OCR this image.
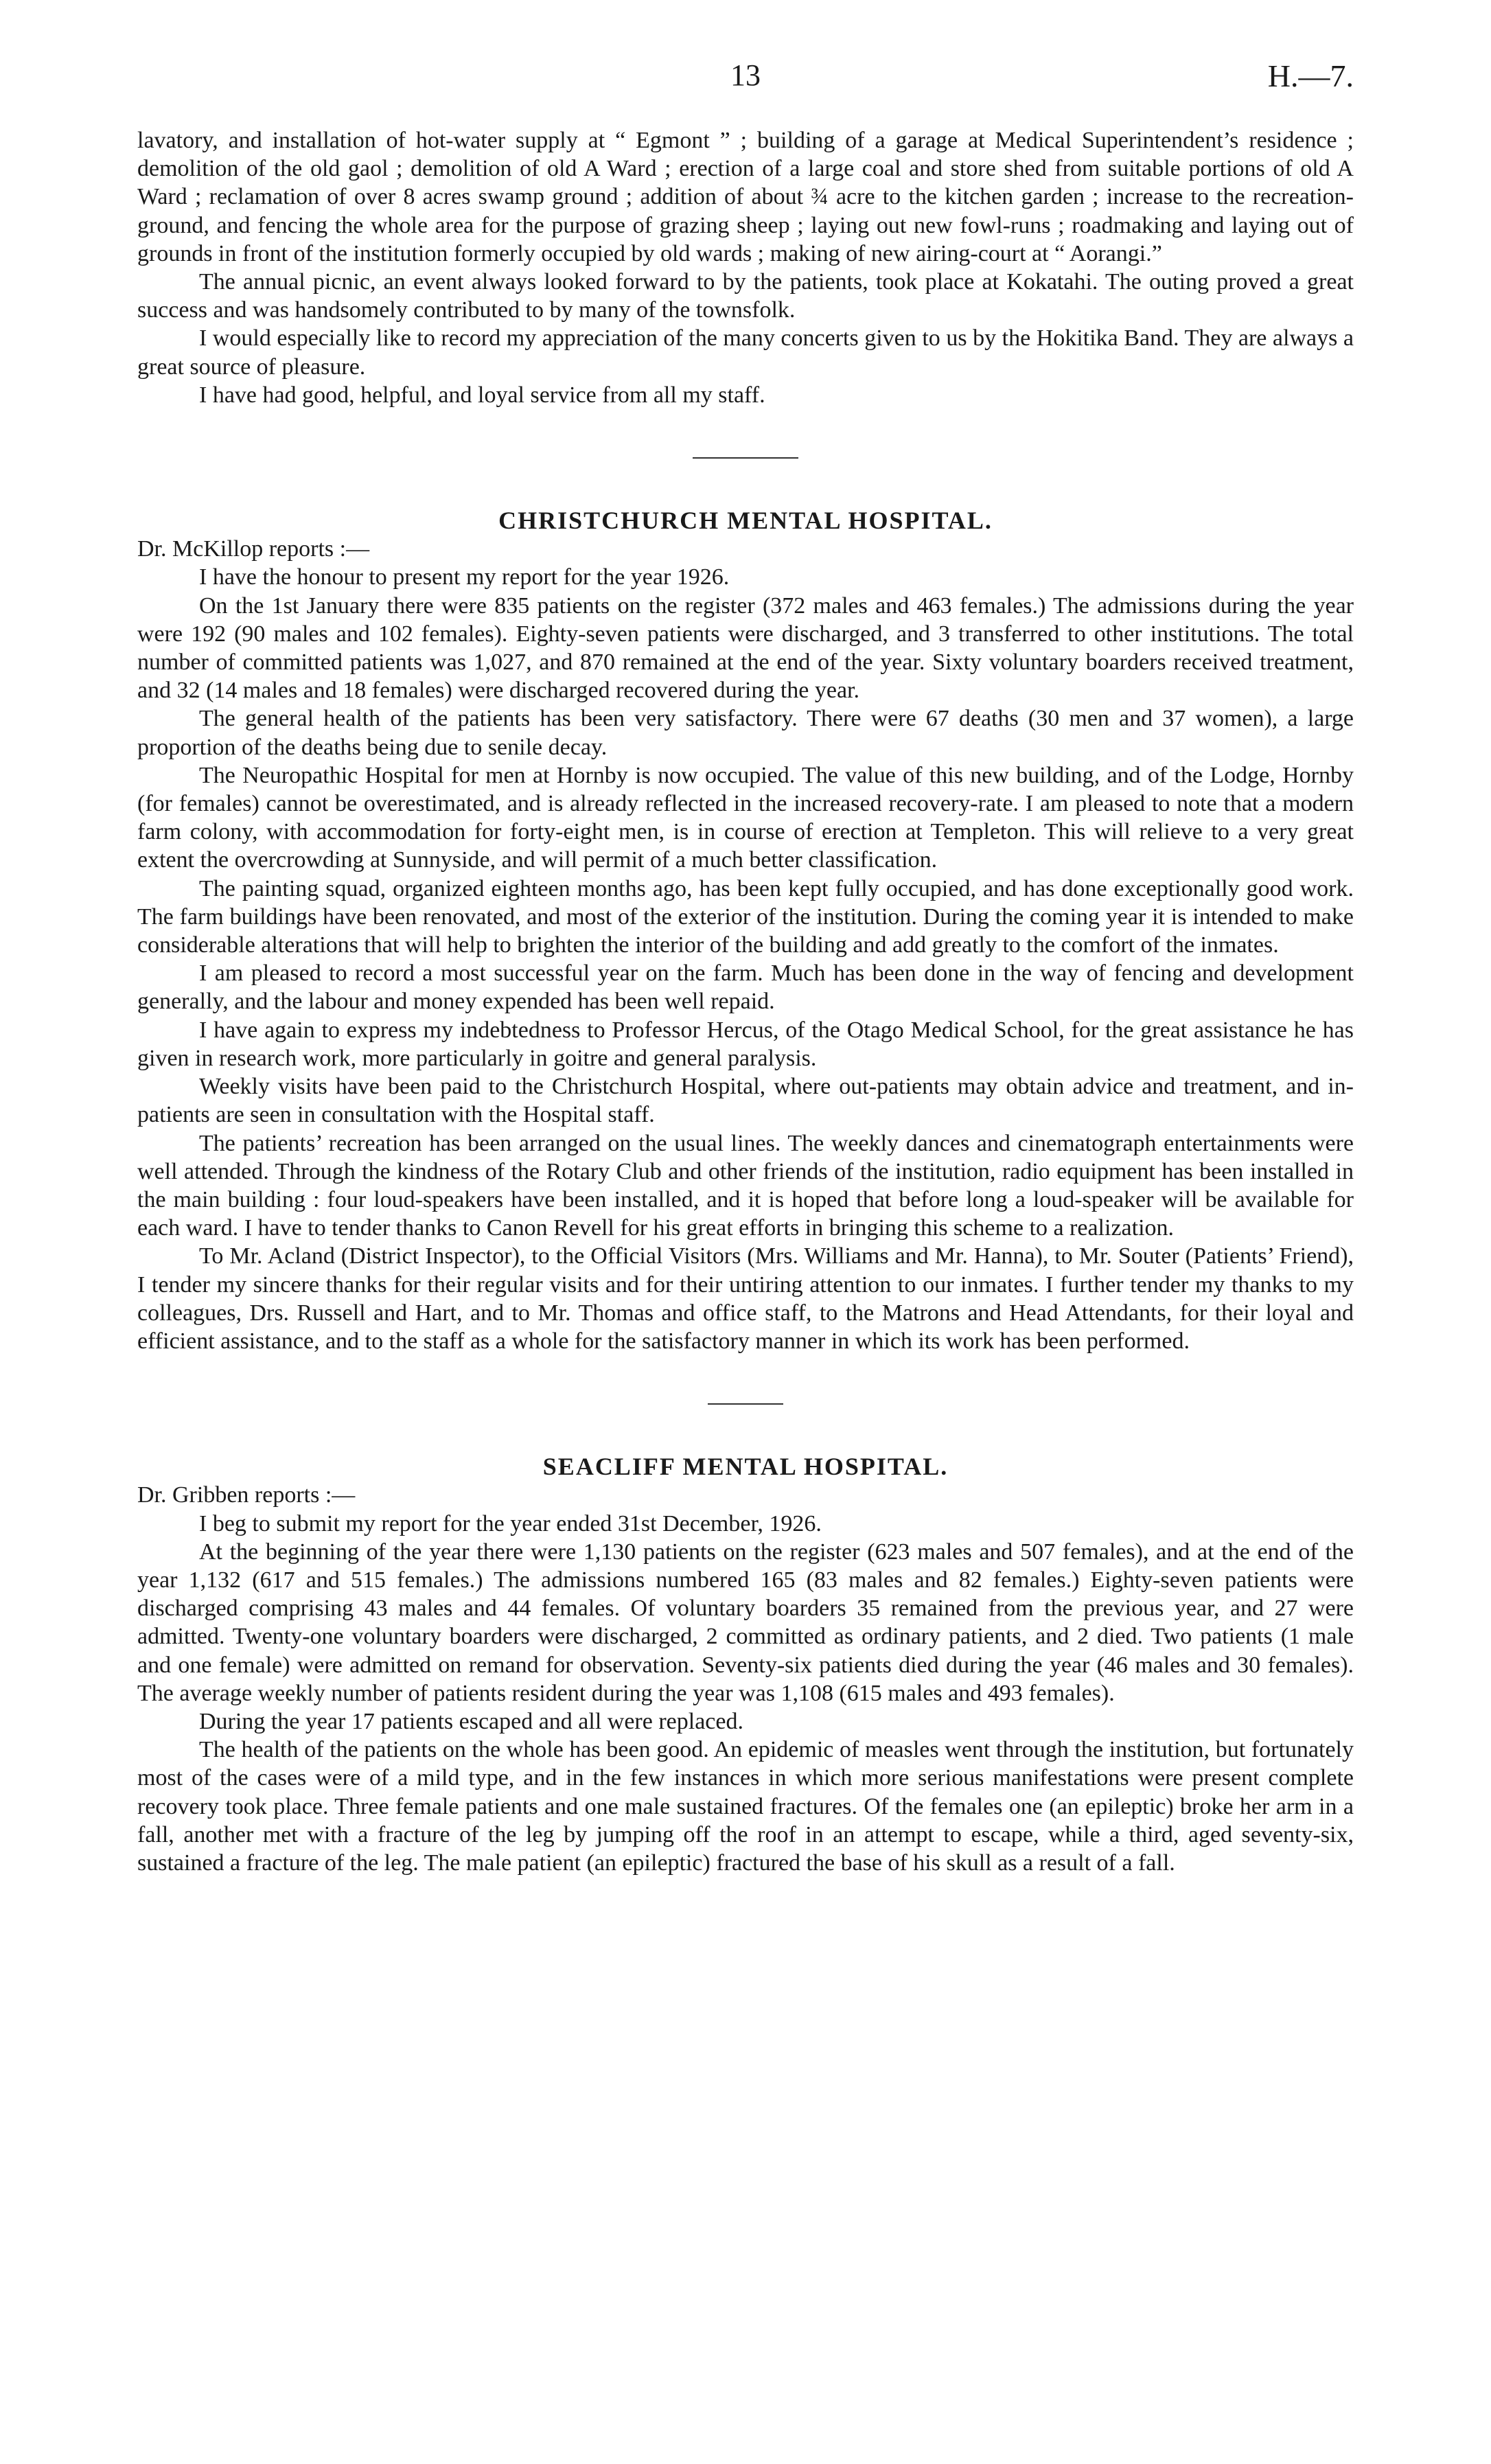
13	H.—7.

lavatory, and installation of hot-water supply at “ Egmont ” ; building of a garage at Medical Superintendent’s residence ; demolition of the old gaol ; demolition of old A Ward ; erection of a large coal and store shed from suitable portions of old A Ward ; reclamation of over 8 acres swamp ground ; addition of about ¾ acre to the kitchen garden ; increase to the recreation-ground, and fencing the whole area for the purpose of grazing sheep ; laying out new fowl-runs ; roadmaking and laying out of grounds in front of the institution formerly occupied by old wards ; making of new airing-court at “ Aorangi.”

The annual picnic, an event always looked forward to by the patients, took place at Kokatahi. The outing proved a great success and was handsomely contributed to by many of the townsfolk.

I would especially like to record my appreciation of the many concerts given to us by the Hokitika Band. They are always a great source of pleasure.

I have had good, helpful, and loyal service from all my staff.

CHRISTCHURCH MENTAL HOSPITAL.

Dr. McKillop reports :—

I have the honour to present my report for the year 1926.

On the 1st January there were 835 patients on the register (372 males and 463 females.) The admissions during the year were 192 (90 males and 102 females). Eighty-seven patients were discharged, and 3 transferred to other institutions. The total number of committed patients was 1,027, and 870 remained at the end of the year. Sixty voluntary boarders received treatment, and 32 (14 males and 18 females) were discharged recovered during the year.

The general health of the patients has been very satisfactory. There were 67 deaths (30 men and 37 women), a large proportion of the deaths being due to senile decay.

The Neuropathic Hospital for men at Hornby is now occupied. The value of this new building, and of the Lodge, Hornby (for females) cannot be overestimated, and is already reflected in the increased recovery-rate. I am pleased to note that a modern farm colony, with accommodation for forty-eight men, is in course of erection at Templeton. This will relieve to a very great extent the overcrowding at Sunnyside, and will permit of a much better classification.

The painting squad, organized eighteen months ago, has been kept fully occupied, and has done exceptionally good work. The farm buildings have been renovated, and most of the exterior of the institution. During the coming year it is intended to make considerable alterations that will help to brighten the interior of the building and add greatly to the comfort of the inmates.

I am pleased to record a most successful year on the farm. Much has been done in the way of fencing and development generally, and the labour and money expended has been well repaid.

I have again to express my indebtedness to Professor Hercus, of the Otago Medical School, for the great assistance he has given in research work, more particularly in goitre and general paralysis.

Weekly visits have been paid to the Christchurch Hospital, where out-patients may obtain advice and treatment, and in-patients are seen in consultation with the Hospital staff.

The patients’ recreation has been arranged on the usual lines. The weekly dances and cinematograph entertainments were well attended. Through the kindness of the Rotary Club and other friends of the institution, radio equipment has been installed in the main building : four loud-speakers have been installed, and it is hoped that before long a loud-speaker will be available for each ward. I have to tender thanks to Canon Revell for his great efforts in bringing this scheme to a realization.

To Mr. Acland (District Inspector), to the Official Visitors (Mrs. Williams and Mr. Hanna), to Mr. Souter (Patients’ Friend), I tender my sincere thanks for their regular visits and for their untiring attention to our inmates. I further tender my thanks to my colleagues, Drs. Russell and Hart, and to Mr. Thomas and office staff, to the Matrons and Head Attendants, for their loyal and efficient assistance, and to the staff as a whole for the satisfactory manner in which its work has been performed.

SEACLIFF MENTAL HOSPITAL.

Dr. Gribben reports :—

I beg to submit my report for the year ended 31st December, 1926.

At the beginning of the year there were 1,130 patients on the register (623 males and 507 females), and at the end of the year 1,132 (617 and 515 females.) The admissions numbered 165 (83 males and 82 females.) Eighty-seven patients were discharged comprising 43 males and 44 females. Of voluntary boarders 35 remained from the previous year, and 27 were admitted. Twenty-one voluntary boarders were discharged, 2 committed as ordinary patients, and 2 died. Two patients (1 male and one female) were admitted on remand for observation. Seventy-six patients died during the year (46 males and 30 females). The average weekly number of patients resident during the year was 1,108 (615 males and 493 females).

During the year 17 patients escaped and all were replaced.

The health of the patients on the whole has been good. An epidemic of measles went through the institution, but fortunately most of the cases were of a mild type, and in the few instances in which more serious manifestations were present complete recovery took place. Three female patients and one male sustained fractures. Of the females one (an epileptic) broke her arm in a fall, another met with a fracture of the leg by jumping off the roof in an attempt to escape, while a third, aged seventy-six, sustained a fracture of the leg. The male patient (an epileptic) fractured the base of his skull as a result of a fall.
